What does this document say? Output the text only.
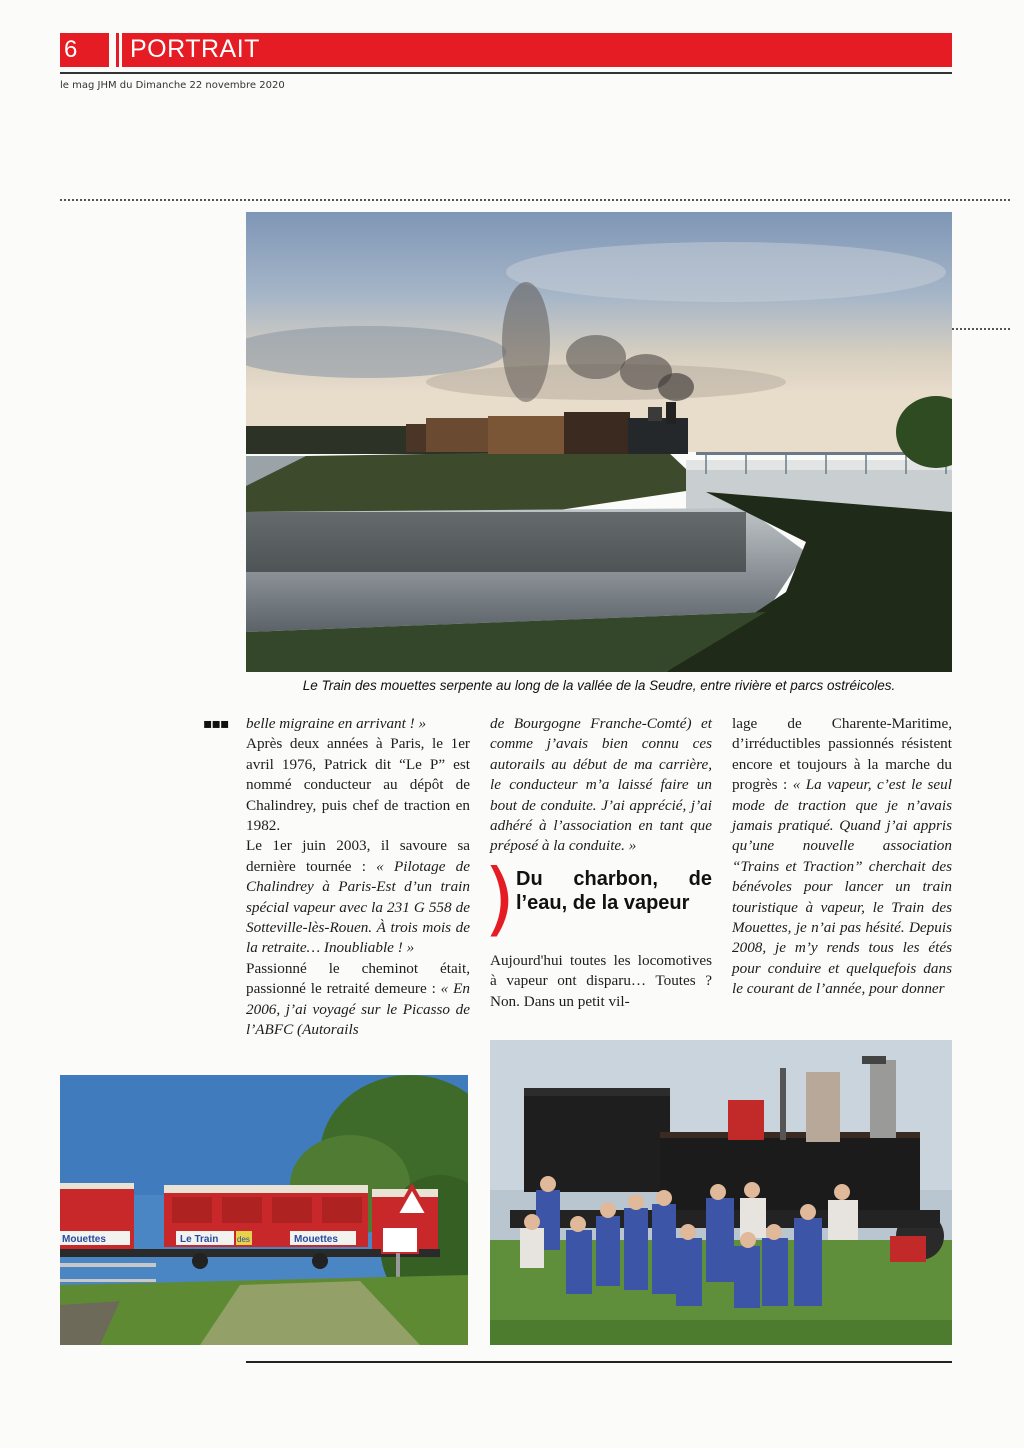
6 PORTRAIT
le mag JHM du Dimanche 22 novembre 2020
Le Train des mouettes serpente au long de la vallée de la Seudre, entre rivière et parcs ostréicoles.
▪▪▪ belle migraine en arrivant ! »

Après deux années à Paris, le 1er avril 1976, Patrick dit “Le P” est nommé conducteur au dépôt de Chalindrey, puis chef de traction en 1982.

Le 1er juin 2003, il savoure sa dernière tournée : « Pilotage de Chalindrey à Paris-Est d’un train spécial vapeur avec la 231 G 558 de Sotteville-lès-Rouen. À trois mois de la retraite… Inoubliable ! »

Passionné le cheminot était, passionné le retraité demeure : « En 2006, j’ai voyagé sur le Picasso de l’ABFC (Autorails

de Bourgogne Franche-Comté) et comme j’avais bien connu ces autorails au début de ma carrière, le conducteur m’a laissé faire un bout de conduite. J’ai apprécié, j’ai adhéré à l’association en tant que préposé à la conduite. »

) Du charbon, de l’eau, de la vapeur

Aujourd'hui toutes les locomotives à vapeur ont disparu… Toutes ? Non. Dans un petit vil-

lage de Charente-Maritime, d’irréductibles passionnés résistent encore et toujours à la marche du progrès : « La vapeur, c’est le seul mode de traction que je n’avais jamais pratiqué. Quand j’ai appris qu’une nouvelle association “Trains et Traction” cherchait des bénévoles pour lancer un train touristique à vapeur, le Train des Mouettes, je n’ai pas hésité. Depuis 2008, je m’y rends tous les étés pour conduire et quelquefois dans le courant de l’année, pour donner

Mouettes	Le Train des	Mouettes
